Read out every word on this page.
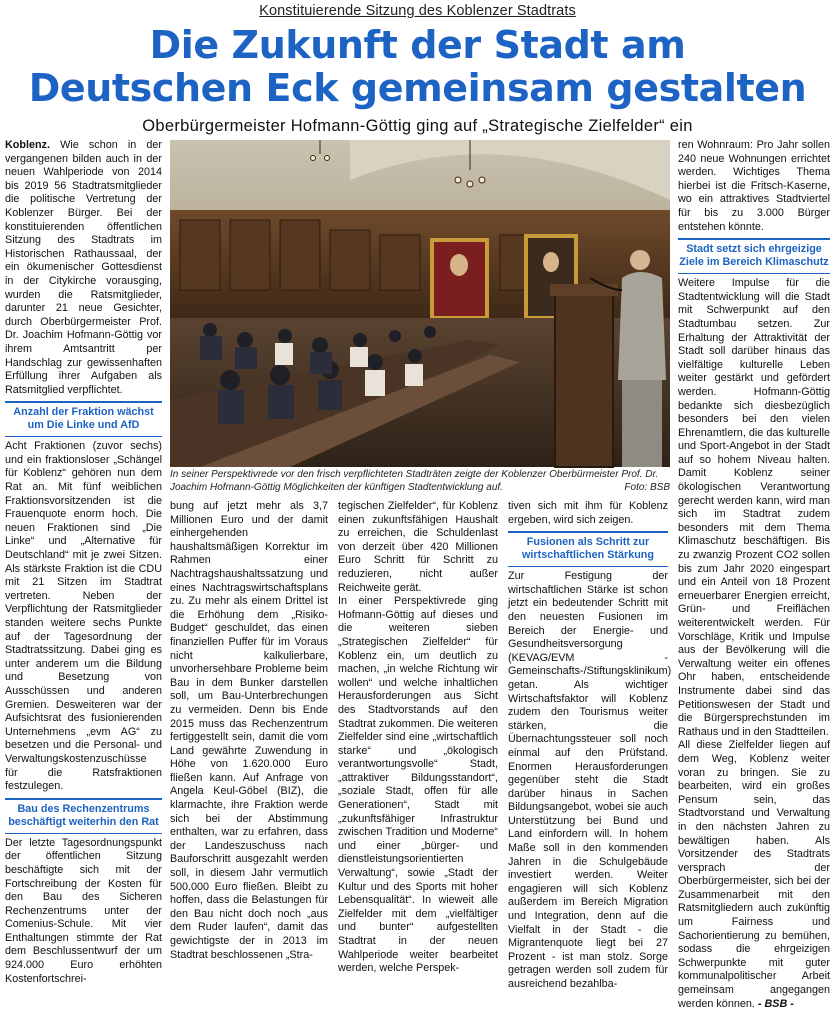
Konstituierende Sitzung des Koblenzer Stadtrats
Die Zukunft der Stadt am
Deutschen Eck gemeinsam gestalten
Oberbürgermeister Hofmann-Göttig ging auf „Strategische Zielfelder“ ein

Koblenz. Wie schon in der vergangenen bilden auch in der neuen Wahlperiode von 2014 bis 2019 56 Stadtratsmitglieder die politische Vertretung der Koblenzer Bürger. Bei der konstituierenden öffentlichen Sitzung des Stadtrats im Historischen Rathaussaal, der ein ökumenischer Gottesdienst in der Citykirche vorausging, wurden die Ratsmitglieder, darunter 21 neue Gesichter, durch Oberbürgermeister Prof. Dr. Joachim Hofmann-Göttig vor ihrem Amtsantritt per Handschlag zur gewissenhaften Erfüllung ihrer Aufgaben als Ratsmitglied verpflichtet.

Anzahl der Fraktion wächst um Die Linke und AfD

Acht Fraktionen (zuvor sechs) und ein fraktionsloser „Schängel für Koblenz“ gehören nun dem Rat an. Mit fünf weiblichen Fraktionsvorsitzenden ist die Frauenquote enorm hoch. Die neuen Fraktionen sind „Die Linke“ und „Alternative für Deutschland“ mit je zwei Sitzen. Als stärkste Fraktion ist die CDU mit 21 Sitzen im Stadtrat vertreten. Neben der Verpflichtung der Ratsmitglieder standen weitere sechs Punkte auf der Tagesordnung der Stadtratssitzung. Dabei ging es unter anderem um die Bildung und Besetzung von Ausschüssen und anderen Gremien. Desweiteren war der Aufsichtsrat des fusionierenden Unternehmens „evm AG“ zu besetzen und die Personal- und Verwaltungskostenzuschüsse für die Ratsfraktionen festzulegen.

Bau des Rechenzentrums beschäftigt weiterhin den Rat

Der letzte Tagesordnungspunkt der öffentlichen Sitzung beschäftigte sich mit der Fortschreibung der Kosten für den Bau des Sicheren Rechenzentrums unter der Comenius-Schule. Mit vier Enthaltungen stimmte der Rat dem Beschlussentwurf der um 924.000 Euro erhöhten Kostenfortschrei-

In seiner Perspektivrede vor den frisch verpflichteten Stadträten zeigte der Koblenzer Oberbürmeister Prof. Dr. Joachim Hofmann-Göttig Möglichkeiten der künftigen Stadtentwicklung auf.	Foto: BSB

bung auf jetzt mehr als 3,7 Millionen Euro und der damit einhergehenden haushaltsmäßigen Korrektur im Rahmen einer Nachtragshaushaltssatzung und eines Nachtragswirtschaftsplans zu. Zu mehr als einem Drittel ist die Erhöhung dem „Risiko-Budget“ geschuldet, das einen finanziellen Puffer für im Voraus nicht kalkulierbare, unvorhersehbare Probleme beim Bau in dem Bunker darstellen soll, um Bau-Unterbrechungen zu vermeiden. Denn bis Ende 2015 muss das Rechenzentrum fertiggestellt sein, damit die vom Land gewährte Zuwendung in Höhe von 1.620.000 Euro fließen kann. Auf Anfrage von Angela Keul-Göbel (BIZ), die klarmachte, ihre Fraktion werde sich bei der Abstimmung enthalten, war zu erfahren, dass der Landeszuschuss nach Bauforschritt ausgezahlt werden soll, in diesem Jahr vermutlich 500.000 Euro fließen. Bleibt zu hoffen, dass die Belastungen für den Bau nicht doch noch „aus dem Ruder laufen“, damit das gewichtigste der in 2013 im Stadtrat beschlossenen „Stra-

tegischen Zielfelder“, für Koblenz einen zukunftsfähigen Haushalt zu erreichen, die Schuldenlast von derzeit über 420 Millionen Euro Schritt für Schritt zu reduzieren, nicht außer Reichweite gerät.

In einer Perspektivrede ging Hofmann-Göttig auf dieses und die weiteren sieben „Strategischen Zielfelder“ für Koblenz ein, um deutlich zu machen, „in welche Richtung wir wollen“ und welche inhaltlichen Herausforderungen aus Sicht des Stadtvorstands auf den Stadtrat zukommen. Die weiteren Zielfelder sind eine „wirtschaftlich starke“ und „ökologisch verantwortungsvolle“ Stadt, „attraktiver Bildungsstandort“, „soziale Stadt, offen für alle Generationen“, Stadt mit „zukunftsfähiger Infrastruktur zwischen Tradition und Moderne“ und einer „bürger- und dienstleistungsorientierten Verwaltung“, sowie „Stadt der Kultur und des Sports mit hoher Lebensqualität“. In wieweit alle Zielfelder mit dem „vielfältiger und bunter“ aufgestellten Stadtrat in der neuen Wahlperiode weiter bearbeitet werden, welche Perspek-

tiven sich mit ihm für Koblenz ergeben, wird sich zeigen.

Fusionen als Schritt zur wirtschaftlichen Stärkung

Zur Festigung der wirtschaftlichen Stärke ist schon jetzt ein bedeutender Schritt mit den neuesten Fusionen im Bereich der Energie- und Gesundheitsversorgung (KEVAG/EVM - Gemeinschafts-/Stiftungsklinikum) getan. Als wichtiger Wirtschaftsfaktor will Koblenz zudem den Tourismus weiter stärken, die Übernachtungssteuer soll noch einmal auf den Prüfstand. Enormen Herausforderungen gegenüber steht die Stadt darüber hinaus in Sachen Bildungsangebot, wobei sie auch Unterstützung bei Bund und Land einfordern will. In hohem Maße soll in den kommenden Jahren in die Schulgebäude investiert werden. Weiter engagieren will sich Koblenz außerdem im Bereich Migration und Integration, denn auf die Vielfalt in der Stadt - die Migrantenquote liegt bei 27 Prozent - ist man stolz. Sorge getragen werden soll zudem für ausreichend bezahlba-

ren Wohnraum: Pro Jahr sollen 240 neue Wohnungen errichtet werden. Wichtiges Thema hierbei ist die Fritsch-Kaserne, wo ein attraktives Stadtviertel für bis zu 3.000 Bürger entstehen könnte.

Stadt setzt sich ehrgeizige Ziele im Bereich Klimaschutz

Weitere Impulse für die Stadtentwicklung will die Stadt mit Schwerpunkt auf den Stadtumbau setzen. Zur Erhaltung der Attraktivität der Stadt soll darüber hinaus das vielfältige kulturelle Leben weiter gestärkt und gefördert werden. Hofmann-Göttig bedankte sich diesbezüglich besonders bei den vielen Ehrenamtlern, die das kulturelle und Sport-Angebot in der Stadt auf so hohem Niveau halten. Damit Koblenz seiner ökologischen Verantwortung gerecht werden kann, wird man sich im Stadtrat zudem besonders mit dem Thema Klimaschutz beschäftigen. Bis zu zwanzig Prozent CO2 sollen bis zum Jahr 2020 eingespart und ein Anteil von 18 Prozent erneuerbarer Energien erreicht, Grün- und Freiflächen weiterentwickelt werden. Für Vorschläge, Kritik und Impulse aus der Bevölkerung will die Verwaltung weiter ein offenes Ohr haben, entscheidende Instrumente dabei sind das Petitionswesen der Stadt und die Bürgersprechstunden im Rathaus und in den Stadtteilen.

All diese Zielfelder liegen auf dem Weg, Koblenz weiter voran zu bringen. Sie zu bearbeiten, wird ein großes Pensum sein, das Stadtvorstand und Verwaltung in den nächsten Jahren zu bewältigen haben. Als Vorsitzender des Stadtrats versprach der Oberbürgermeister, sich bei der Zusammenarbeit mit den Ratsmitgliedern auch zukünftig um Fairness und Sachorientierung zu bemühen, sodass die ehrgeizigen Schwerpunkte mit guter kommunalpolitischer Arbeit gemeinsam angegangen werden können. - BSB -
